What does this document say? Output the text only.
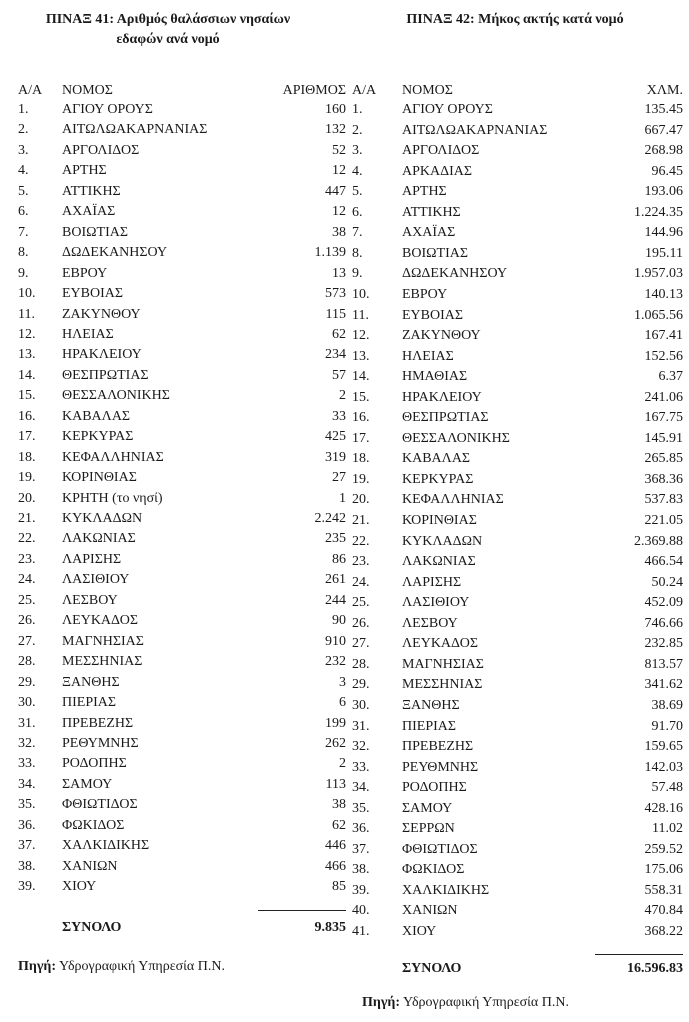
ΠΙΝΑΞ 41: Αριθμός θαλάσσιων νησαίων
εδαφών ανά νομό
ΠΙΝΑΞ 42: Μήκος ακτής κατά νομό
Α/Α ΝΟΜΟΣ	ΑΡΙΘΜΟΣ
1. ΑΓΙΟΥ ΟΡΟΥΣ	160
2. ΑΙΤΩΛΩΑΚΑΡΝΑΝΙΑΣ	132
3. ΑΡΓΟΛΙΔΟΣ	52
4. ΑΡΤΗΣ	12
5. ΑΤΤΙΚΗΣ	447
6. ΑΧΑΪΑΣ	12
7. ΒΟΙΩΤΙΑΣ	38
8. ΔΩΔΕΚΑΝΗΣΟΥ	1.139
9. ΕΒΡΟΥ	13
10. ΕΥΒΟΙΑΣ	573
11. ΖΑΚΥΝΘΟΥ	115
12. ΗΛΕΙΑΣ	62
13. ΗΡΑΚΛΕΙΟΥ	234
14. ΘΕΣΠΡΩΤΙΑΣ	57
15. ΘΕΣΣΑΛΟΝΙΚΗΣ	2
16. ΚΑΒΑΛΑΣ	33
17. ΚΕΡΚΥΡΑΣ	425
18. ΚΕΦΑΛΛΗΝΙΑΣ	319
19. ΚΟΡΙΝΘΙΑΣ	27
20. ΚΡΗΤΗ (το νησί)	1
21. ΚΥΚΛΑΔΩΝ	2.242
22. ΛΑΚΩΝΙΑΣ	235
23. ΛΑΡΙΣΗΣ	86
24. ΛΑΣΙΘΙΟΥ	261
25. ΛΕΣΒΟΥ	244
26. ΛΕΥΚΑΔΟΣ	90
27. ΜΑΓΝΗΣΙΑΣ	910
28. ΜΕΣΣΗΝΙΑΣ	232
29. ΞΑΝΘΗΣ	3
30. ΠΙΕΡΙΑΣ	6
31. ΠΡΕΒΕΖΗΣ	199
32. ΡΕΘΥΜΝΗΣ	262
33. ΡΟΔΟΠΗΣ	2
34. ΣΑΜΟΥ	113
35. ΦΘΙΩΤΙΔΟΣ	38
36. ΦΩΚΙΔΟΣ	62
37. ΧΑΛΚΙΔΙΚΗΣ	446
38. ΧΑΝΙΩΝ	466
39. ΧΙΟΥ	85
ΣΥΝΟΛΟ	9.835
Πηγή: Υδρογραφική Υπηρεσία Π.Ν.
Α/Α ΝΟΜΟΣ	ΧΛΜ.
1.	ΑΓΙΟΥ ΟΡΟΥΣ	135.45
2.	ΑΙΤΩΛΩΑΚΑΡΝΑΝΙΑΣ	667.47
3.	ΑΡΓΟΛΙΔΟΣ	268.98
4.	ΑΡΚΑΔΙΑΣ	96.45
5.	ΑΡΤΗΣ	193.06
6.	ΑΤΤΙΚΗΣ	1.224.35
7.	ΑΧΑΪΑΣ	144.96
8.	ΒΟΙΩΤΙΑΣ	195.11
9.	ΔΩΔΕΚΑΝΗΣΟΥ	1.957.03
10. ΕΒΡΟΥ	140.13
11. ΕΥΒΟΙΑΣ	1.065.56
12. ΖΑΚΥΝΘΟΥ	167.41
13. ΗΛΕΙΑΣ	152.56
14. ΗΜΑΘΙΑΣ	6.37
15. ΗΡΑΚΛΕΙΟΥ	241.06
16. ΘΕΣΠΡΩΤΙΑΣ	167.75
17. ΘΕΣΣΑΛΟΝΙΚΗΣ	145.91
18. ΚΑΒΑΛΑΣ	265.85
19. ΚΕΡΚΥΡΑΣ	368.36
20. ΚΕΦΑΛΛΗΝΙΑΣ	537.83
21. ΚΟΡΙΝΘΙΑΣ	221.05
22. ΚΥΚΛΑΔΩΝ	2.369.88
23. ΛΑΚΩΝΙΑΣ	466.54
24. ΛΑΡΙΣΗΣ	50.24
25. ΛΑΣΙΘΙΟΥ	452.09
26. ΛΕΣΒΟΥ	746.66
27. ΛΕΥΚΑΔΟΣ	232.85
28. ΜΑΓΝΗΣΙΑΣ	813.57
29. ΜΕΣΣΗΝΙΑΣ	341.62
30. ΞΑΝΘΗΣ	38.69
31. ΠΙΕΡΙΑΣ	91.70
32. ΠΡΕΒΕΖΗΣ	159.65
33. ΡΕΥΘΜΝΗΣ	142.03
34. ΡΟΔΟΠΗΣ	57.48
35. ΣΑΜΟΥ	428.16
36. ΣΕΡΡΩΝ	11.02
37. ΦΘΙΩΤΙΔΟΣ	259.52
38. ΦΩΚΙΔΟΣ	175.06
39. ΧΑΛΚΙΔΙΚΗΣ	558.31
40. ΧΑΝΙΩΝ	470.84
41. ΧΙΟΥ	368.22
ΣΥΝΟΛΟ	16.596.83
Πηγή: Υδρογραφική Υπηρεσία Π.Ν.
